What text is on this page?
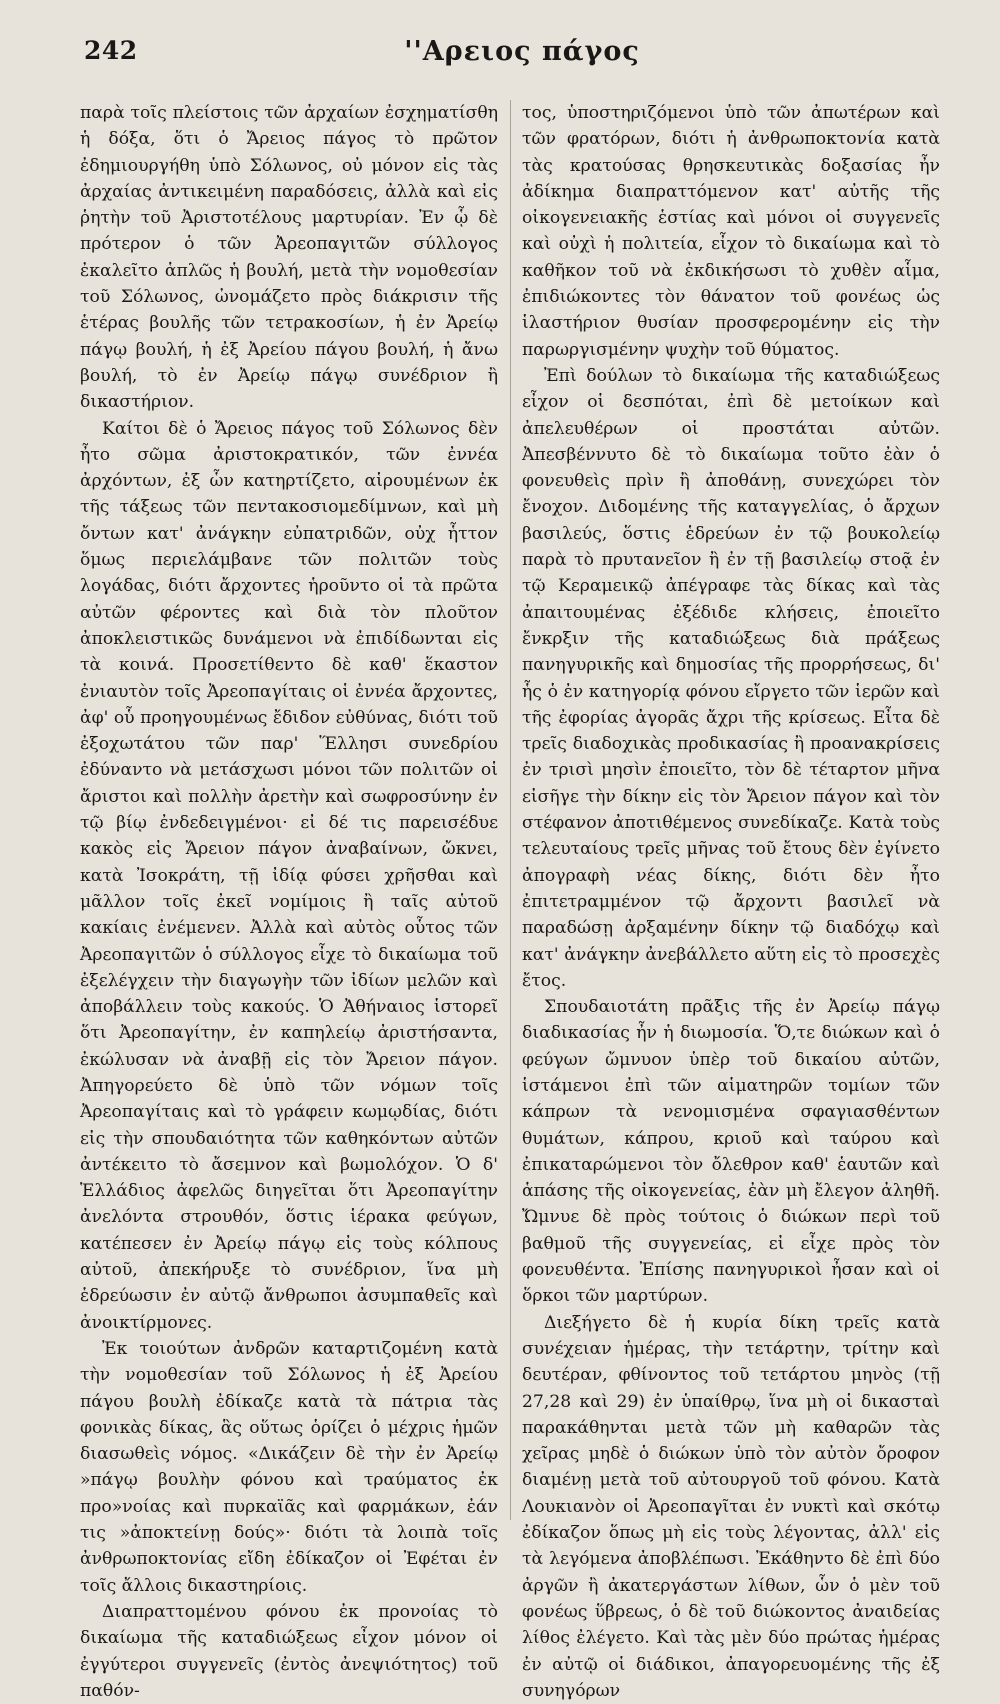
242	''Αρειος πάγος

παρὰ τοῖς πλείστοις τῶν ἀρχαίων ἐσχηματίσθη ἡ δόξα, ὅτι ὁ Ἄρειος πάγος τὸ πρῶτον ἐδημιουργήθη ὑπὸ Σόλωνος, οὐ μόνον εἰς τὰς ἀρχαίας ἀντικειμένη παραδόσεις, ἀλλὰ καὶ εἰς ῥητὴν τοῦ Ἀριστοτέλους μαρτυρίαν. Ἐν ᾧ δὲ πρότερον ὁ τῶν Ἀρεοπαγιτῶν σύλλογος ἐκαλεῖτο ἁπλῶς ἡ βουλή, μετὰ τὴν νομοθεσίαν τοῦ Σόλωνος, ὠνομάζετο πρὸς διάκρισιν τῆς ἑτέρας βουλῆς τῶν τετρακοσίων, ἡ ἐν Ἀρείῳ πάγῳ βουλή, ἡ ἐξ Ἀρείου πάγου βουλή, ἡ ἄνω βουλή, τὸ ἐν Ἀρείῳ πάγῳ συνέδριον ἢ δικαστήριον.

Καίτοι δὲ ὁ Ἄρειος πάγος τοῦ Σόλωνος δὲν ἦτο σῶμα ἀριστοκρατικόν, τῶν ἐννέα ἀρχόντων, ἐξ ὧν κατηρτίζετο, αἱρουμένων ἐκ τῆς τάξεως τῶν πεντακοσιομεδίμνων, καὶ μὴ ὄντων κατ' ἀνάγκην εὐπατριδῶν, οὐχ ἧττον ὅμως περιελάμβανε τῶν πολιτῶν τοὺς λογάδας, διότι ἄρχοντες ἡροῦντο οἱ τὰ πρῶτα αὐτῶν φέροντες καὶ διὰ τὸν πλοῦτον ἀποκλειστικῶς δυνάμενοι νὰ ἐπιδίδωνται εἰς τὰ κοινά. Προσετίθεντο δὲ καθ' ἕκαστον ἐνιαυτὸν τοῖς Ἀρεοπαγίταις οἱ ἐννέα ἄρχοντες, ἀφ' οὗ προηγουμένως ἔδιδον εὐθύνας, διότι τοῦ ἐξοχωτάτου τῶν παρ' Ἕλλησι συνεδρίου ἐδύναντο νὰ μετάσχωσι μόνοι τῶν πολιτῶν οἱ ἄριστοι καὶ πολλὴν ἀρετὴν καὶ σωφροσύνην ἐν τῷ βίῳ ἐνδεδειγμένοι· εἰ δέ τις παρεισέδυε κακὸς εἰς Ἄρειον πάγον ἀναβαίνων, ὤκνει, κατὰ Ἰσοκράτη, τῇ ἰδίᾳ φύσει χρῆσθαι καὶ μᾶλλον τοῖς ἐκεῖ νομίμοις ἢ ταῖς αὑτοῦ κακίαις ἐνέμενεν. Ἀλλὰ καὶ αὐτὸς οὗτος τῶν Ἀρεοπαγιτῶν ὁ σύλλογος εἶχε τὸ δικαίωμα τοῦ ἐξελέγχειν τὴν διαγωγὴν τῶν ἰδίων μελῶν καὶ ἀποβάλλειν τοὺς κακούς. Ὁ Ἀθήναιος ἱστορεῖ ὅτι Ἀρεοπαγίτην, ἐν καπηλείῳ ἀριστήσαντα, ἐκώλυσαν νὰ ἀναβῇ εἰς τὸν Ἄρειον πάγον. Ἀπηγορεύετο δὲ ὑπὸ τῶν νόμων τοῖς Ἀρεοπαγίταις καὶ τὸ γράφειν κωμῳδίας, διότι εἰς τὴν σπουδαιότητα τῶν καθηκόντων αὐτῶν ἀντέκειτο τὸ ἄσεμνον καὶ βωμολόχον. Ὁ δ' Ἑλλάδιος ἀφελῶς διηγεῖται ὅτι Ἀρεοπαγίτην ἀνελόντα στρουθόν, ὅστις ἱέρακα φεύγων, κατέπεσεν ἐν Ἀρείῳ πάγῳ εἰς τοὺς κόλπους αὐτοῦ, ἀπεκήρυξε τὸ συνέδριον, ἵνα μὴ ἑδρεύωσιν ἐν αὐτῷ ἄνθρωποι ἀσυμπαθεῖς καὶ ἀνοικτίρμονες.

Ἐκ τοιούτων ἀνδρῶν καταρτιζομένη κατὰ τὴν νομοθεσίαν τοῦ Σόλωνος ἡ ἐξ Ἀρείου πάγου βουλὴ ἐδίκαζε κατὰ τὰ πάτρια τὰς φονικὰς δίκας, ἃς οὕτως ὁρίζει ὁ μέχρις ἡμῶν διασωθεὶς νόμος. «Δικάζειν δὲ τὴν ἐν Ἀρείῳ »πάγῳ βουλὴν φόνου καὶ τραύματος ἐκ προ»νοίας καὶ πυρκαϊᾶς καὶ φαρμάκων, ἐάν τις »ἀποκτείνῃ δούς»· διότι τὰ λοιπὰ τοῖς ἀνθρωποκτονίας εἴδη ἐδίκαζον οἱ Ἐφέται ἐν τοῖς ἄλλοις δικαστηρίοις.

Διαπραττομένου φόνου ἐκ προνοίας τὸ δικαίωμα τῆς καταδιώξεως εἶχον μόνον οἱ ἐγγύτεροι συγγενεῖς (ἐντὸς ἀνεψιότητος) τοῦ παθόν-

τος, ὑποστηριζόμενοι ὑπὸ τῶν ἀπωτέρων καὶ τῶν φρατόρων, διότι ἡ ἀνθρωποκτονία κατὰ τὰς κρατούσας θρησκευτικὰς δοξασίας ἦν ἀδίκημα διαπραττόμενον κατ' αὐτῆς τῆς οἰκογενειακῆς ἑστίας καὶ μόνοι οἱ συγγενεῖς καὶ οὐχὶ ἡ πολιτεία, εἶχον τὸ δικαίωμα καὶ τὸ καθῆκον τοῦ νὰ ἐκδικήσωσι τὸ χυθὲν αἷμα, ἐπιδιώκοντες τὸν θάνατον τοῦ φονέως ὡς ἱλαστήριον θυσίαν προσφερομένην εἰς τὴν παρωργισμένην ψυχὴν τοῦ θύματος.

Ἐπὶ δούλων τὸ δικαίωμα τῆς καταδιώξεως εἶχον οἱ δεσπόται, ἐπὶ δὲ μετοίκων καὶ ἀπελευθέρων οἱ προστάται αὐτῶν. Ἀπεσβέννυτο δὲ τὸ δικαίωμα τοῦτο ἐὰν ὁ φονευθεὶς πρὶν ἢ ἀποθάνῃ, συνεχώρει τὸν ἔνοχον. Διδομένης τῆς καταγγελίας, ὁ ἄρχων βασιλεύς, ὅστις ἑδρεύων ἐν τῷ βουκολείῳ παρὰ τὸ πρυτανεῖον ἢ ἐν τῇ βασιλείῳ στοᾷ ἐν τῷ Κεραμεικῷ ἀπέγραφε τὰς δίκας καὶ τὰς ἀπαιτουμένας ἐξέδιδε κλήσεις, ἐποιεῖτο ἔνκρξιν τῆς καταδιώξεως διὰ πράξεως πανηγυρικῆς καὶ δημοσίας τῆς προρρήσεως, δι' ἧς ὁ ἐν κατηγορίᾳ φόνου εἴργετο τῶν ἱερῶν καὶ τῆς ἐφορίας ἀγορᾶς ἄχρι τῆς κρίσεως. Εἶτα δὲ τρεῖς διαδοχικὰς προδικασίας ἢ προανακρίσεις ἐν τρισὶ μησὶν ἐποιεῖτο, τὸν δὲ τέταρτον μῆνα εἰσῆγε τὴν δίκην εἰς τὸν Ἄρειον πάγον καὶ τὸν στέφανον ἀποτιθέμενος συνεδίκαζε. Κατὰ τοὺς τελευταίους τρεῖς μῆνας τοῦ ἔτους δὲν ἐγίνετο ἀπογραφὴ νέας δίκης, διότι δὲν ἦτο ἐπιτετραμμένον τῷ ἄρχοντι βασιλεῖ νὰ παραδώσῃ ἀρξαμένην δίκην τῷ διαδόχῳ καὶ κατ' ἀνάγκην ἀνεβάλλετο αὕτη εἰς τὸ προσεχὲς ἔτος.

Σπουδαιοτάτη πρᾶξις τῆς ἐν Ἀρείῳ πάγῳ διαδικασίας ἦν ἡ διωμοσία. Ὅ,τε διώκων καὶ ὁ φεύγων ὤμνυον ὑπὲρ τοῦ δικαίου αὐτῶν, ἱστάμενοι ἐπὶ τῶν αἱματηρῶν τομίων τῶν κάπρων τὰ νενομισμένα σφαγιασθέντων θυμάτων, κάπρου, κριοῦ καὶ ταύρου καὶ ἐπικαταρώμενοι τὸν ὄλεθρον καθ' ἑαυτῶν καὶ ἁπάσης τῆς οἰκογενείας, ἐὰν μὴ ἔλεγον ἀληθῆ. Ὤμνυε δὲ πρὸς τούτοις ὁ διώκων περὶ τοῦ βαθμοῦ τῆς συγγενείας, εἰ εἶχε πρὸς τὸν φονευθέντα. Ἐπίσης πανηγυρικοὶ ἦσαν καὶ οἱ ὅρκοι τῶν μαρτύρων.

Διεξήγετο δὲ ἡ κυρία δίκη τρεῖς κατὰ συνέχειαν ἡμέρας, τὴν τετάρτην, τρίτην καὶ δευτέραν, φθίνοντος τοῦ τετάρτου μηνὸς (τῇ 27,28 καὶ 29) ἐν ὑπαίθρῳ, ἵνα μὴ οἱ δικασταὶ παρακάθηνται μετὰ τῶν μὴ καθαρῶν τὰς χεῖρας μηδὲ ὁ διώκων ὑπὸ τὸν αὐτὸν ὄροφον διαμένῃ μετὰ τοῦ αὐτουργοῦ τοῦ φόνου. Κατὰ Λουκιανὸν οἱ Ἀρεοπαγῖται ἐν νυκτὶ καὶ σκότῳ ἐδίκαζον ὅπως μὴ εἰς τοὺς λέγοντας, ἀλλ' εἰς τὰ λεγόμενα ἀποβλέπωσι. Ἐκάθηντο δὲ ἐπὶ δύο ἀργῶν ἢ ἀκατεργάστων λίθων, ὧν ὁ μὲν τοῦ φονέως ὕβρεως, ὁ δὲ τοῦ διώκοντος ἀναιδείας λίθος ἐλέγετο. Καὶ τὰς μὲν δύο πρώτας ἡμέρας ἐν αὐτῷ οἱ διάδικοι, ἀπαγορευομένης τῆς ἐξ συνηγόρων
